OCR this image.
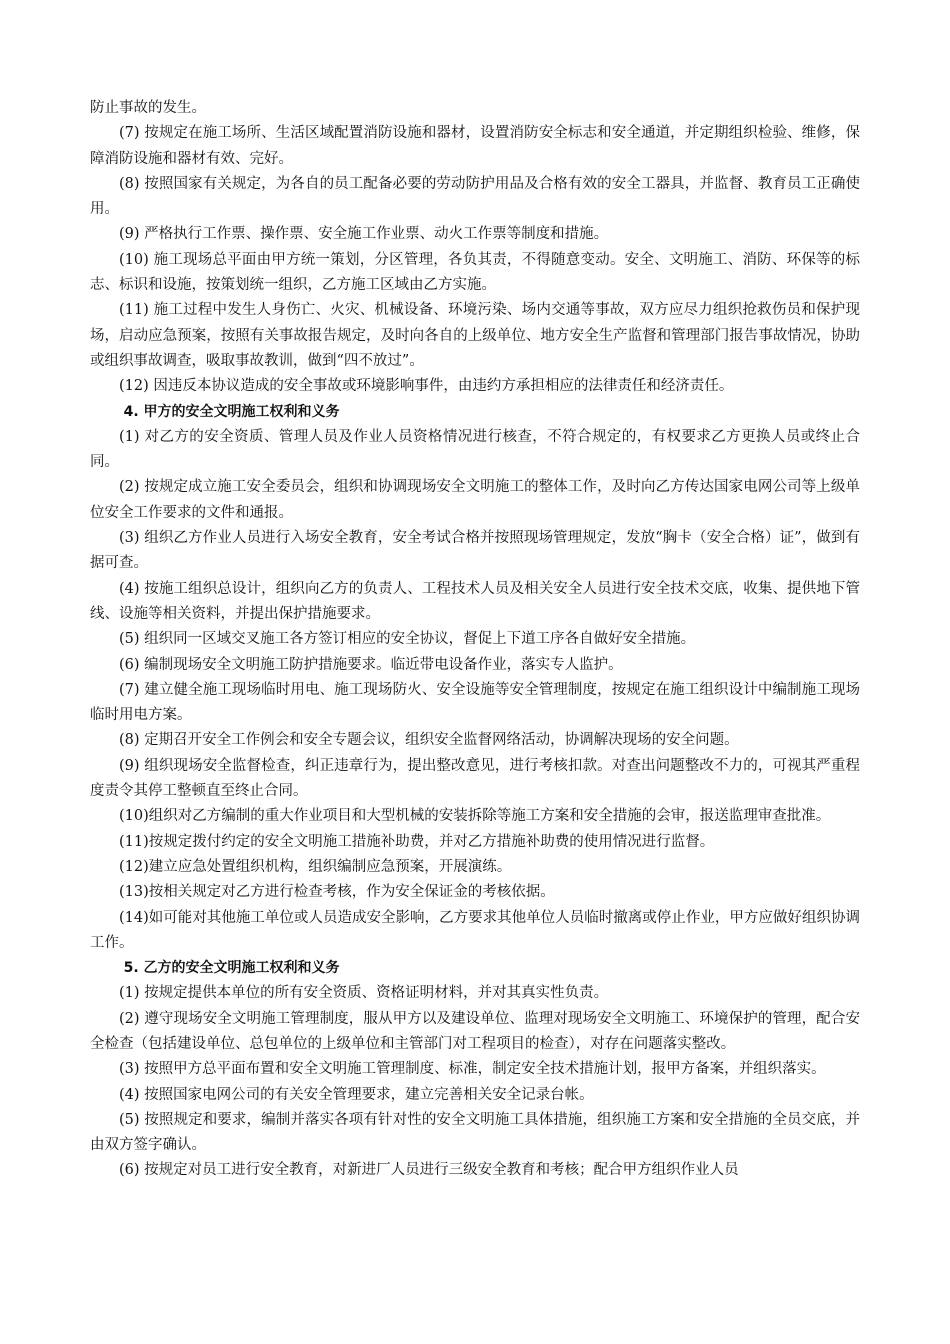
防止事故的发生。

(7) 按规定在施工场所、生活区域配置消防设施和器材，设置消防安全标志和安全通道，并定期组织检验、维修，保障消防设施和器材有效、完好。

(8) 按照国家有关规定，为各自的员工配备必要的劳动防护用品及合格有效的安全工器具，并监督、教育员工正确使用。

(9) 严格执行工作票、操作票、安全施工作业票、动火工作票等制度和措施。

(10) 施工现场总平面由甲方统一策划，分区管理，各负其责，不得随意变动。安全、文明施工、消防、环保等的标志、标识和设施，按策划统一组织，乙方施工区域由乙方实施。

(11) 施工过程中发生人身伤亡、火灾、机械设备、环境污染、场内交通等事故，双方应尽力组织抢救伤员和保护现场，启动应急预案，按照有关事故报告规定，及时向各自的上级单位、地方安全生产监督和管理部门报告事故情况，协助或组织事故调查，吸取事故教训，做到“四不放过”。

(12) 因违反本协议造成的安全事故或环境影响事件，由违约方承担相应的法律责任和经济责任。

4. 甲方的安全文明施工权利和义务

(1) 对乙方的安全资质、管理人员及作业人员资格情况进行核查，不符合规定的，有权要求乙方更换人员或终止合同。

(2) 按规定成立施工安全委员会，组织和协调现场安全文明施工的整体工作，及时向乙方传达国家电网公司等上级单位安全工作要求的文件和通报。

(3) 组织乙方作业人员进行入场安全教育，安全考试合格并按照现场管理规定，发放“胸卡（安全合格）证”，做到有据可查。

(4) 按施工组织总设计，组织向乙方的负责人、工程技术人员及相关安全人员进行安全技术交底，收集、提供地下管线、设施等相关资料，并提出保护措施要求。

(5) 组织同一区域交叉施工各方签订相应的安全协议，督促上下道工序各自做好安全措施。

(6) 编制现场安全文明施工防护措施要求。临近带电设备作业，落实专人监护。

(7) 建立健全施工现场临时用电、施工现场防火、安全设施等安全管理制度，按规定在施工组织设计中编制施工现场临时用电方案。

(8) 定期召开安全工作例会和安全专题会议，组织安全监督网络活动，协调解决现场的安全问题。

(9) 组织现场安全监督检查，纠正违章行为，提出整改意见，进行考核扣款。对查出问题整改不力的，可视其严重程度责令其停工整顿直至终止合同。

(10)组织对乙方编制的重大作业项目和大型机械的安装拆除等施工方案和安全措施的会审，报送监理审查批准。

(11)按规定拨付约定的安全文明施工措施补助费，并对乙方措施补助费的使用情况进行监督。

(12)建立应急处置组织机构，组织编制应急预案，开展演练。

(13)按相关规定对乙方进行检查考核，作为安全保证金的考核依据。

(14)如可能对其他施工单位或人员造成安全影响，乙方要求其他单位人员临时撤离或停止作业，甲方应做好组织协调工作。

5. 乙方的安全文明施工权利和义务

(1) 按规定提供本单位的所有安全资质、资格证明材料，并对其真实性负责。

(2) 遵守现场安全文明施工管理制度，服从甲方以及建设单位、监理对现场安全文明施工、环境保护的管理，配合安全检查（包括建设单位、总包单位的上级单位和主管部门对工程项目的检查），对存在问题落实整改。

(3) 按照甲方总平面布置和安全文明施工管理制度、标准，制定安全技术措施计划，报甲方备案，并组织落实。

(4) 按照国家电网公司的有关安全管理要求，建立完善相关安全记录台帐。

(5) 按照规定和要求，编制并落实各项有针对性的安全文明施工具体措施，组织施工方案和安全措施的全员交底，并由双方签字确认。

(6) 按规定对员工进行安全教育，对新进厂人员进行三级安全教育和考核；配合甲方组织作业人员
